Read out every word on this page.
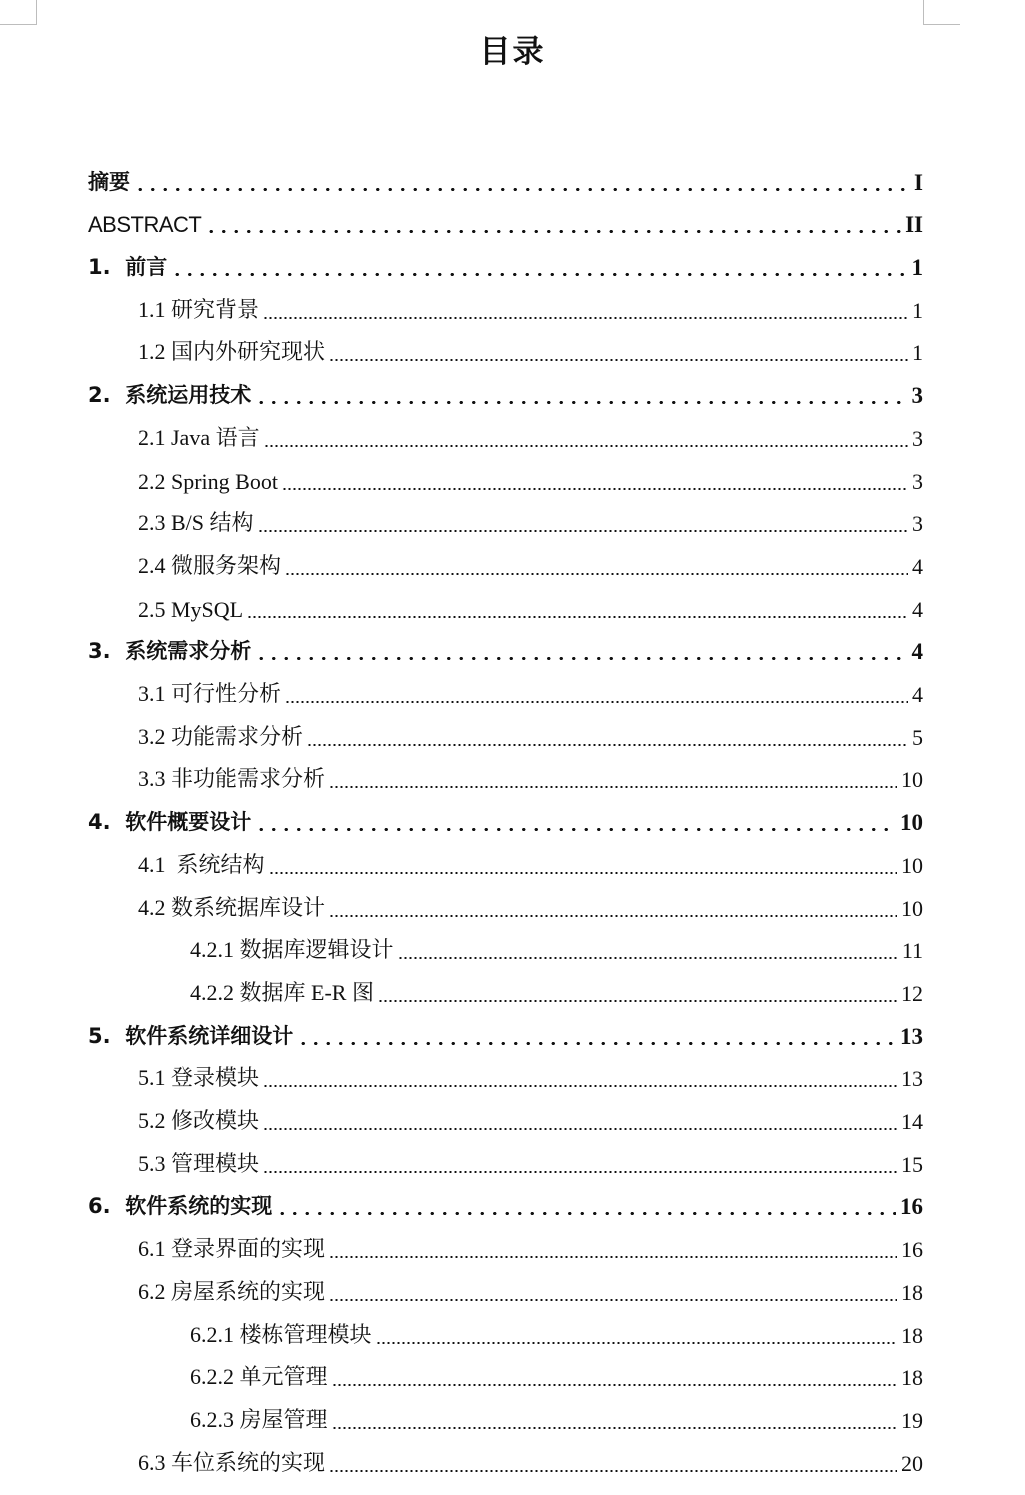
目录
摘要	I
ABSTRACT	II
1.  前言	1
1.1 研究背景	1
1.2 国内外研究现状	1
2.  系统运用技术	3
2.1 Java 语言	3
2.2 Spring Boot	3
2.3 B/S 结构	3
2.4 微服务架构	4
2.5 MySQL	4
3.  系统需求分析	4
3.1 可行性分析	4
3.2 功能需求分析	5
3.3 非功能需求分析	10
4.  软件概要设计	10
4.1  系统结构	10
4.2 数系统据库设计	10
4.2.1 数据库逻辑设计	11
4.2.2 数据库 E-R 图	12
5.  软件系统详细设计	13
5.1 登录模块	13
5.2 修改模块	14
5.3 管理模块	15
6.  软件系统的实现	16
6.1 登录界面的实现	16
6.2 房屋系统的实现	18
6.2.1 楼栋管理模块	18
6.2.2 单元管理	18
6.2.3 房屋管理	19
6.3 车位系统的实现	20
